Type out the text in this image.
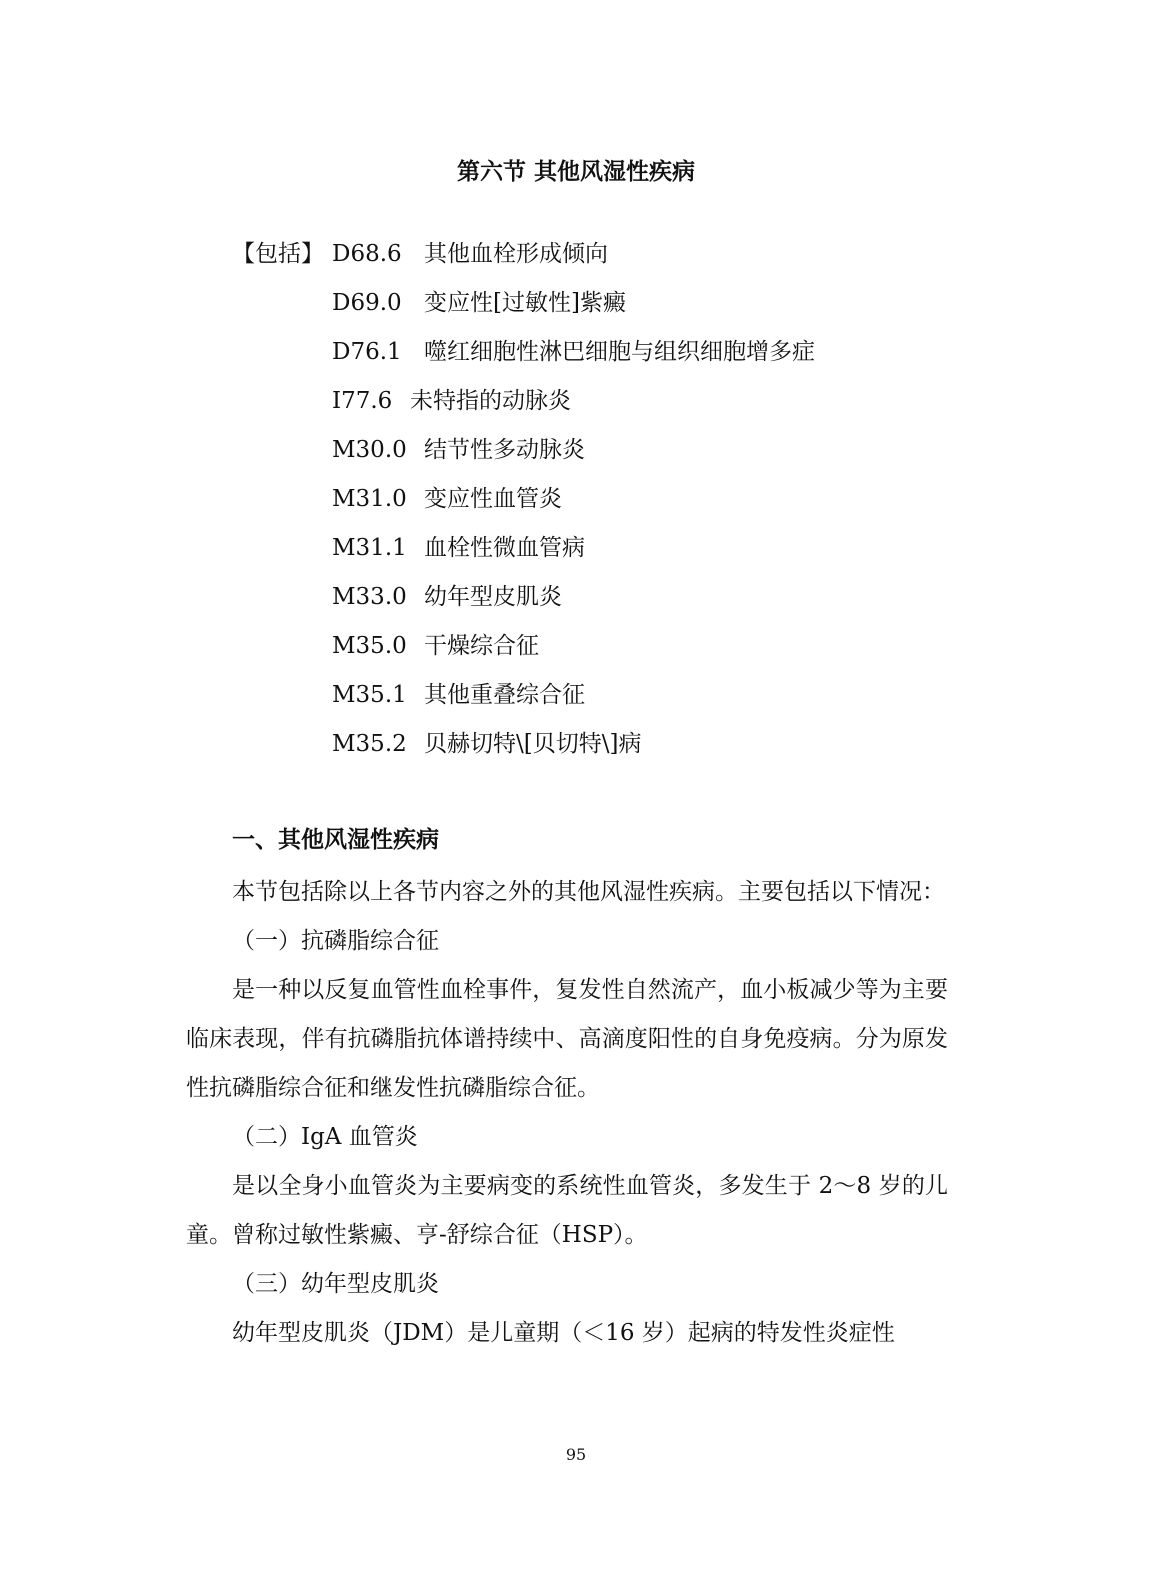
第六节 其他风湿性疾病
【包括】 D68.6 其他血栓形成倾向
D69.0 变应性[过敏性]紫癜
D76.1 噬红细胞性淋巴细胞与组织细胞增多症
I77.6 未特指的动脉炎
M30.0 结节性多动脉炎
M31.0 变应性血管炎
M31.1 血栓性微血管病
M33.0 幼年型皮肌炎
M35.0 干燥综合征
M35.1 其他重叠综合征
M35.2 贝赫切特\[贝切特\]病
一、其他风湿性疾病

本节包括除以上各节内容之外的其他风湿性疾病。主要包括以下情况：

（一）抗磷脂综合征

是一种以反复血管性血栓事件，复发性自然流产，血小板减少等为主要临床表现，伴有抗磷脂抗体谱持续中、高滴度阳性的自身免疫病。分为原发性抗磷脂综合征和继发性抗磷脂综合征。

（二）IgA 血管炎

是以全身小血管炎为主要病变的系统性血管炎，多发生于 2～8 岁的儿童。曾称过敏性紫癜、亨-舒综合征（HSP）。

（三）幼年型皮肌炎

幼年型皮肌炎（JDM）是儿童期（＜16 岁）起病的特发性炎症性

95
